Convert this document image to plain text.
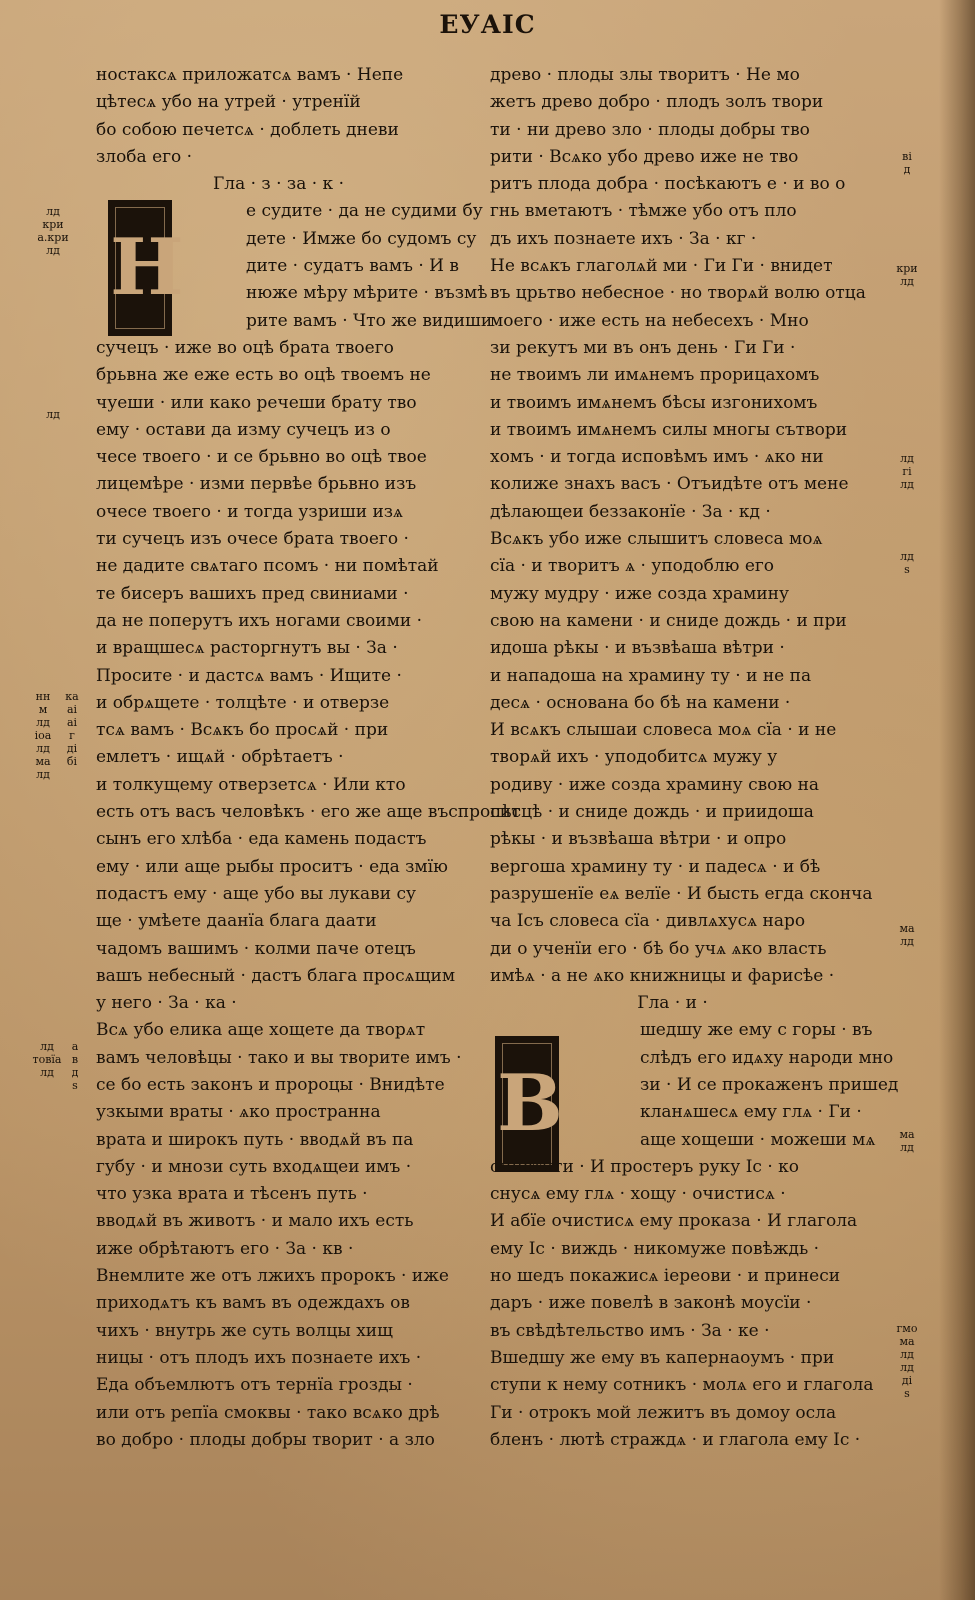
ЕУАІС
Н
В
ностаксѧ приложатсѧ вамъ · Непе
цѣтесѧ убо на утрей · утренїй
бо собою печетсѧ · доблеть дневи
злоба его ·
Гла · з · за · к ·
е судите · да не судими бу
дете · Имже бо судомъ су
дите · судатъ вамъ · И в
нюже мѣру мѣрите · възмѣ
рите вамъ · Что же видиши
сучецъ · иже во оцѣ брата твоего
брьвна же еже есть во оцѣ твоемъ не
чуеши · или како речеши брату тво
ему · остави да изму сучецъ из о
чесе твоего · и се брьвно во оцѣ твое
лицемѣре · изми первѣе брьвно изъ
очесе твоего · и тогда узриши изѧ
ти сучецъ изъ очесе брата твоего ·
не дадите свѧтаго псомъ · ни помѣтай
те бисеръ вашихъ пред свиниами ·
да не поперутъ ихъ ногами своими ·
и вращшесѧ расторгнутъ вы · За ·
Просите · и дастсѧ вамъ · Ищите ·
и обрѧщете · толцѣте · и отверзе
тсѧ вамъ · Всѧкъ бо просѧй · при
емлетъ · ищѧй · обрѣтаетъ ·
и толкущему отверзетсѧ · Или кто
есть отъ васъ человѣкъ · его же аще въспросит
сынъ его хлѣба · еда камень подастъ
ему · или аще рыбы проситъ · еда змїю
подастъ ему · аще убо вы лукави су
ще · умѣете даанїа блага даати
чадомъ вашимъ · колми паче отецъ
вашъ небесный · дастъ блага просѧщим
у него · За · ка ·
Всѧ убо елика аще хощете да творѧт
вамъ человѣцы · тако и вы творите имъ ·
се бо есть законъ и пророцы · Внидѣте
узкыми враты · ѧко пространна
врата и широкъ путь · вводѧй въ па
губу · и мнози суть входѧщеи имъ ·
что узка врата и тѣсенъ путь ·
вводѧй въ животъ · и мало ихъ есть
иже обрѣтаютъ его · За · кв ·
Внемлите же отъ лжихъ пророкъ · иже
приходѧтъ къ вамъ въ одеждахъ ов
чихъ · внутрь же суть волцы хищ
ницы · отъ плодъ ихъ познаете ихъ ·
Еда объемлютъ отъ тернїа грозды ·
или отъ репїа смоквы · тако всѧко дрѣ
во добро · плоды добры творит · а зло
древо · плоды злы творитъ · Не мо
жетъ древо добро · плодъ золъ твори
ти · ни древо зло · плоды добры тво
рити · Всѧко убо древо иже не тво
ритъ плода добра · посѣкаютъ е · и во о
гнь вметаютъ · тѣмже убо отъ пло
дъ ихъ познаете ихъ · За · кг ·
Не всѧкъ глаголѧй ми · Ги Ги · внидет
въ црьтво небесное · но творѧй волю отца
моего · иже есть на небесехъ · Мно
зи рекутъ ми въ онъ день · Ги Ги ·
не твоимъ ли имѧнемъ прорицахомъ
и твоимъ имѧнемъ бѣсы изгонихомъ
и твоимъ имѧнемъ силы многы сътвори
хомъ · и тогда исповѣмъ имъ · ѧко ни
колиже знахъ васъ · Отъидѣте отъ мене
дѣлающеи беззаконїе · За · кд ·
Всѧкъ убо иже слышитъ словеса моѧ
сїа · и творитъ ѧ · уподоблю его
мужу мудру · иже созда храмину
свою на камени · и сниде дождь · и при
идоша рѣкы · и възвѣаша вѣтри ·
и нападоша на храмину ту · и не па
десѧ · основана бо бѣ на камени ·
И всѧкъ слышаи словеса моѧ сїа · и не
творѧй ихъ · уподобитсѧ мужу у
родиву · иже созда храмину свою на
пѣсцѣ · и сниде дождь · и приидоша
рѣкы · и възвѣаша вѣтри · и опро
вергоша храмину ту · и падесѧ · и бѣ
разрушенїе еѧ велїе · И бысть егда сконча
ча Ісъ словеса сїа · дивлѧхусѧ наро
ди о ученїи его · бѣ бо учѧ ѧко власть
имѣѧ · а не ѧко книжницы и фарисѣе ·
Гла · и ·
шедшу же ему с горы · въ
слѣдъ его идѧху народи мно
зи · И се прокаженъ пришед
кланѧшесѧ ему глѧ · Ги ·
аще хощеши · можеши мѧ
очистити · И простеръ руку Іс · ко
снусѧ ему глѧ · хощу · очистисѧ ·
И абїе очистисѧ ему проказа · И глагола
ему Іс · виждь · никомуже повѣждь ·
но шедъ покажисѧ іереови · и принеси
даръ · иже повелѣ в законѣ моусїи ·
въ свѣдѣтельство имъ · За · ке ·
Вшедшу же ему въ капернаоумъ · при
ступи к нему сотникъ · молѧ его и глагола
Ги · отрокъ мой лежитъ въ домоу осла
бленъ · лютѣ страждѧ · и глагола ему Іс ·
лд
кри
а.кри
лд
лд
нн
м
лд
іоа
лд
ма
лд
ка
аі
аі
г
ді
бі
лд
товїа
лд
а
в
д
ѕ
ві
д
кри
лд
лд
гі
лд
лд
ѕ
ма
лд
ма
лд
гмо
ма
лд
лд
ді
ѕ
